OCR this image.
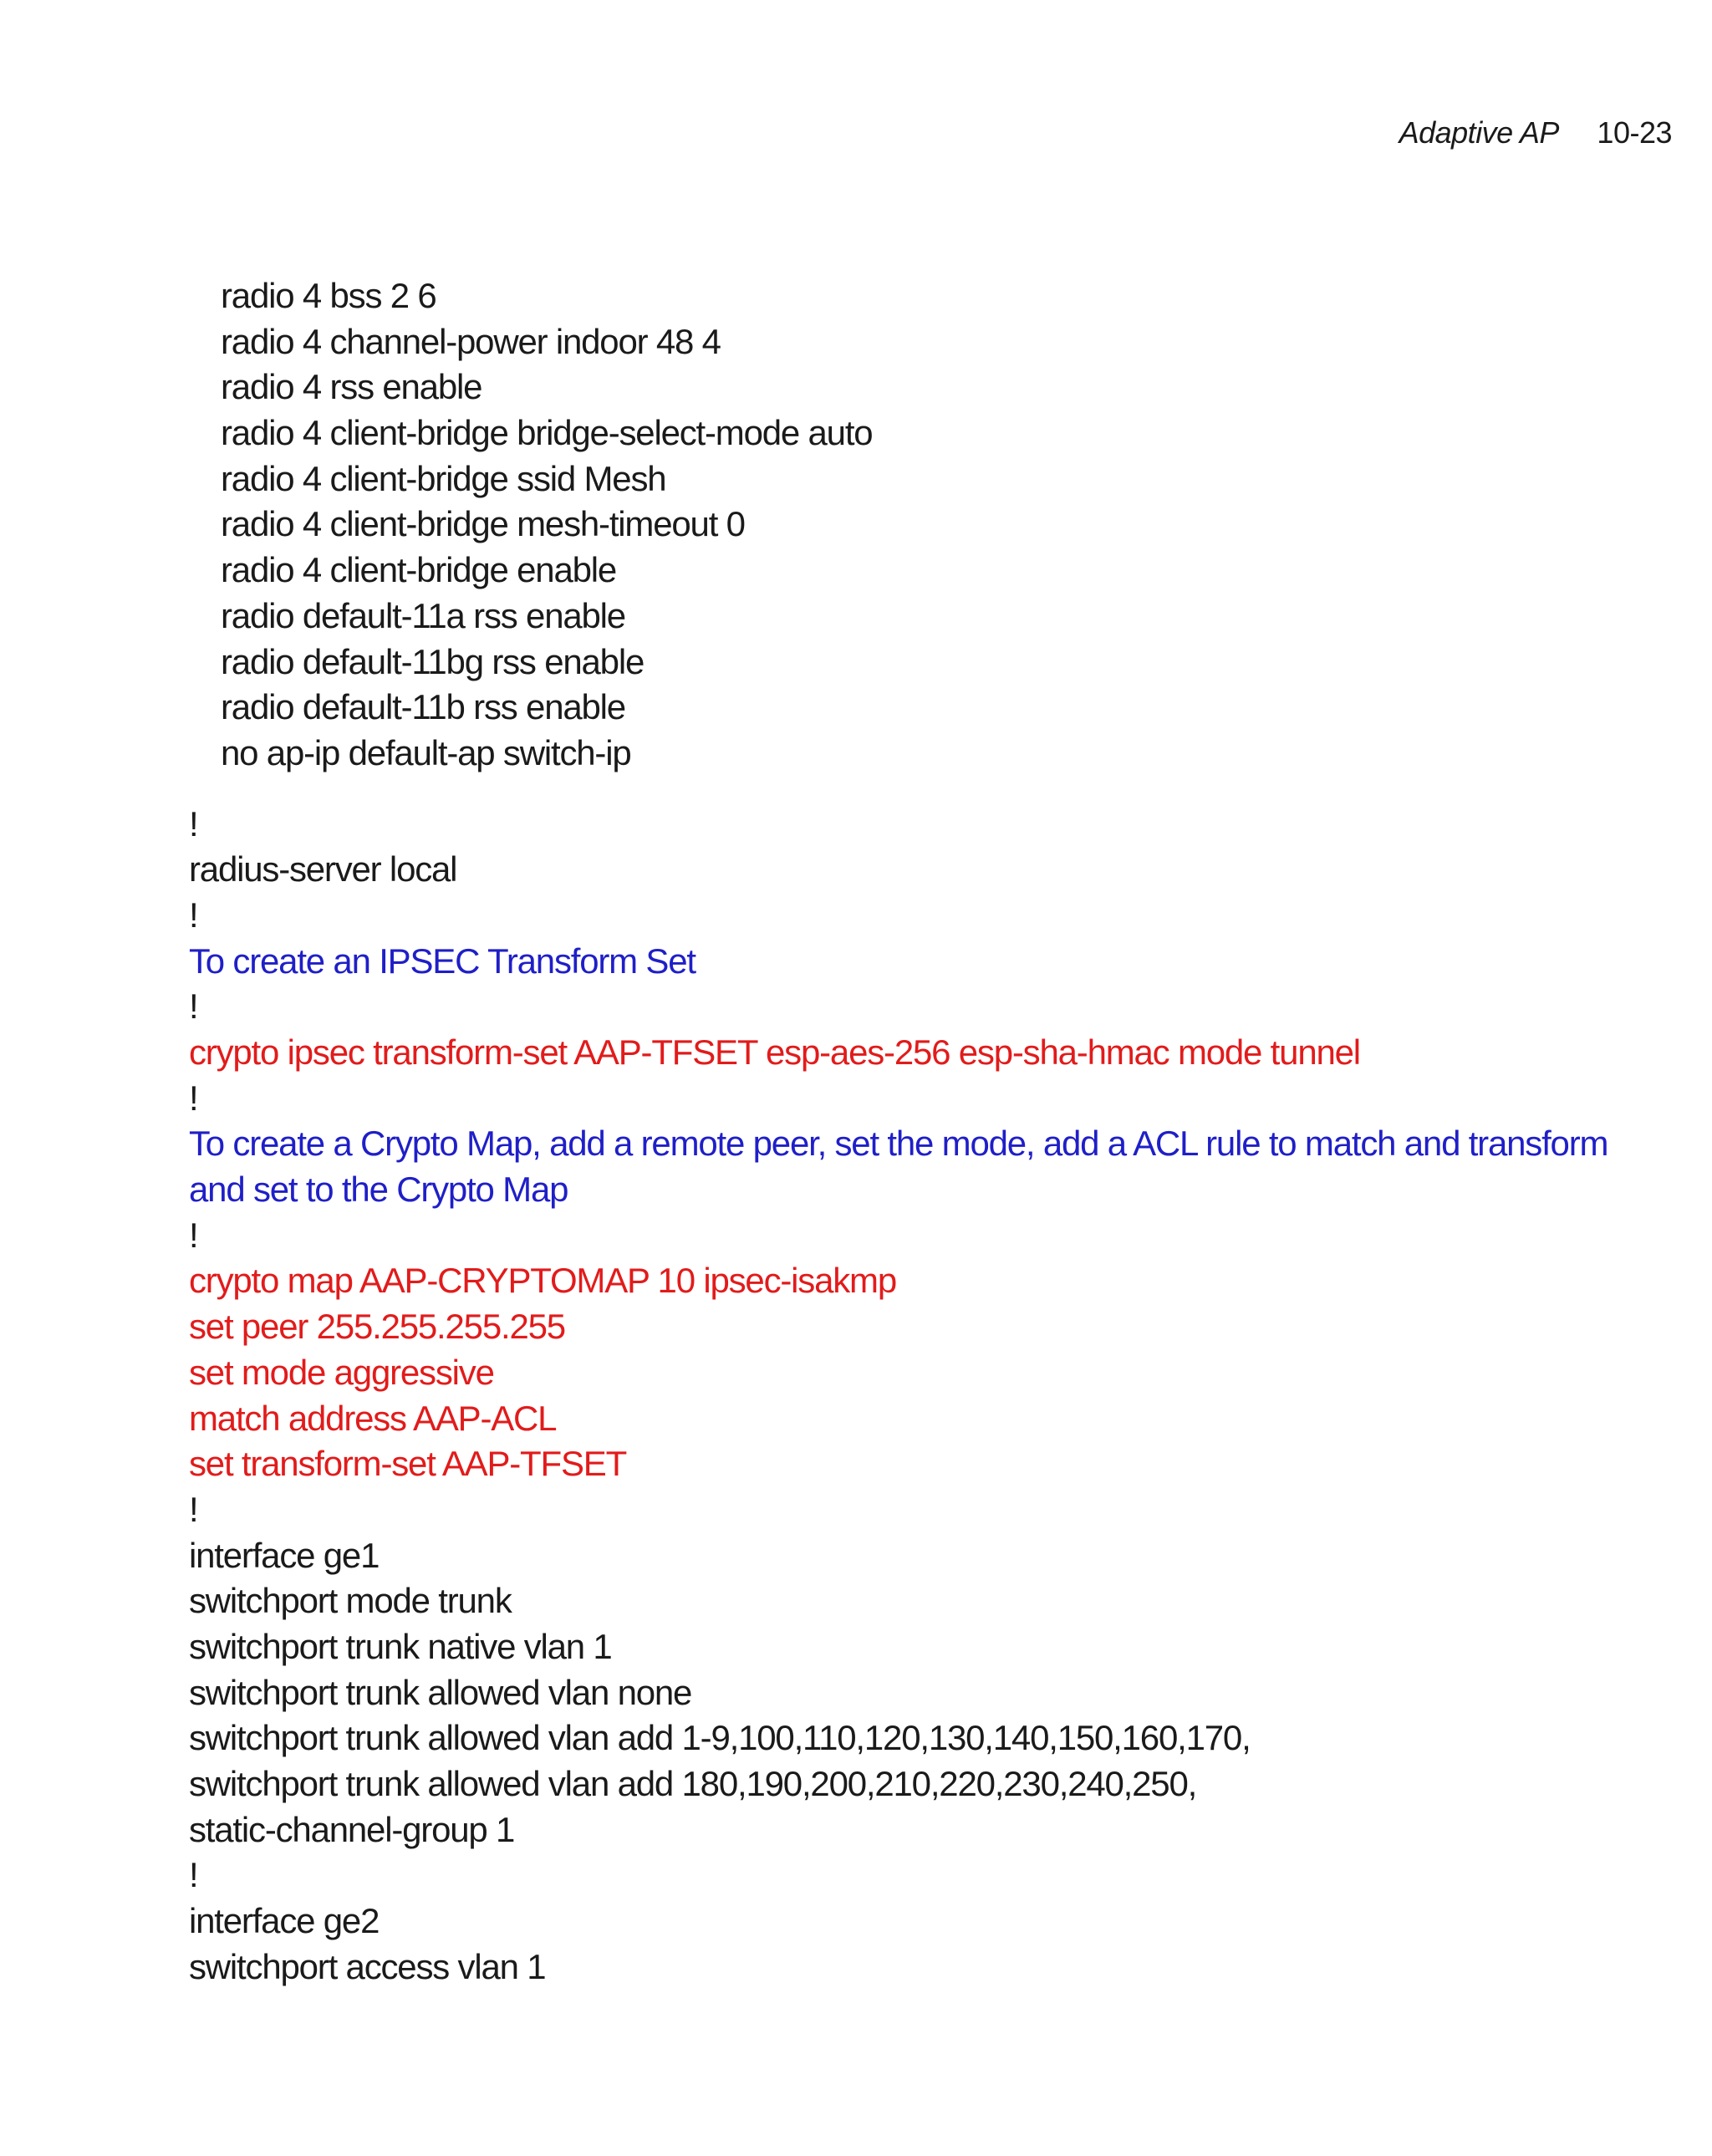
Adaptive AP 10-23
radio 4 bss 2 6
radio 4 channel-power indoor 48 4
radio 4 rss enable
radio 4 client-bridge bridge-select-mode auto
radio 4 client-bridge ssid Mesh
radio 4 client-bridge mesh-timeout 0
radio 4 client-bridge enable
radio default-11a rss enable
radio default-11bg rss enable
radio default-11b rss enable
no ap-ip default-ap switch-ip
!
radius-server local
!
To create an IPSEC Transform Set
!
crypto ipsec transform-set AAP-TFSET esp-aes-256 esp-sha-hmac mode tunnel
!
To create a Crypto Map, add a remote peer, set the mode, add a ACL rule to match and transform and set to the Crypto Map
!
crypto map AAP-CRYPTOMAP 10 ipsec-isakmp
set peer 255.255.255.255
set mode aggressive
match address AAP-ACL
set transform-set AAP-TFSET
!
interface ge1
switchport mode trunk
switchport trunk native vlan 1
switchport trunk allowed vlan none
switchport trunk allowed vlan add 1-9,100,110,120,130,140,150,160,170,
switchport trunk allowed vlan add 180,190,200,210,220,230,240,250,
static-channel-group 1
!
interface ge2
switchport access vlan 1
